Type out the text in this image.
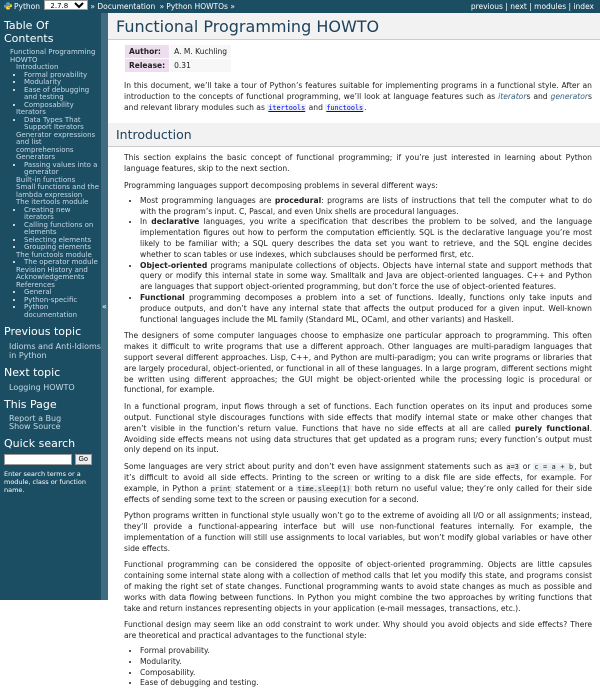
Python
2.7.8	» Documentation » Python HOWTOs »	previous | next | modules | index
Table Of Contents
Functional Programming HOWTO
Introduction
• Formal provability
• Modularity
• Ease of debugging and testing
• Composability
Iterators
• Data Types That Support Iterators
Generator expressions and list comprehensions
Generators
• Passing values into a generator
Built-in functions
Small functions and the lambda expression
The itertools module
• Creating new iterators
• Calling functions on elements
• Selecting elements
• Grouping elements
The functools module
• The operator module
Revision History and Acknowledgements
References
• General
• Python-specific
• Python documentation
Previous topic
Idioms and Anti-Idioms in Python
Next topic
Logging HOWTO
This Page
Report a Bug
Show Source
Quick search
Go
Enter search terms or a module, class or function name.
«
Functional Programming HOWTO
Author:	A. M. Kuchling
Release:	0.31

In this document, we’ll take a tour of Python’s features suitable for implementing programs in a functional style. After an introduction to the concepts of functional programming, we’ll look at language features such as iterators and generators and relevant library modules such as itertools and functools.

Introduction

This section explains the basic concept of functional programming; if you’re just interested in learning about Python language features, skip to the next section.

Programming languages support decomposing problems in several different ways:

• Most programming languages are procedural: programs are lists of instructions that tell the computer what to do with the program’s input. C, Pascal, and even Unix shells are procedural languages.
• In declarative languages, you write a specification that describes the problem to be solved, and the language implementation figures out how to perform the computation efficiently. SQL is the declarative language you’re most likely to be familiar with; a SQL query describes the data set you want to retrieve, and the SQL engine decides whether to scan tables or use indexes, which subclauses should be performed first, etc.
• Object-oriented programs manipulate collections of objects. Objects have internal state and support methods that query or modify this internal state in some way. Smalltalk and Java are object-oriented languages. C++ and Python are languages that support object-oriented programming, but don’t force the use of object-oriented features.
• Functional programming decomposes a problem into a set of functions. Ideally, functions only take inputs and produce outputs, and don’t have any internal state that affects the output produced for a given input. Well-known functional languages include the ML family (Standard ML, OCaml, and other variants) and Haskell.

The designers of some computer languages choose to emphasize one particular approach to programming. This often makes it difficult to write programs that use a different approach. Other languages are multi-paradigm languages that support several different approaches. Lisp, C++, and Python are multi-paradigm; you can write programs or libraries that are largely procedural, object-oriented, or functional in all of these languages. In a large program, different sections might be written using different approaches; the GUI might be object-oriented while the processing logic is procedural or functional, for example.

In a functional program, input flows through a set of functions. Each function operates on its input and produces some output. Functional style discourages functions with side effects that modify internal state or make other changes that aren’t visible in the function’s return value. Functions that have no side effects at all are called purely functional. Avoiding side effects means not using data structures that get updated as a program runs; every function’s output must only depend on its input.

Some languages are very strict about purity and don’t even have assignment statements such as a=3 or c = a + b, but it’s difficult to avoid all side effects. Printing to the screen or writing to a disk file are side effects, for example. For example, in Python a print statement or a time.sleep(1) both return no useful value; they’re only called for their side effects of sending some text to the screen or pausing execution for a second.

Python programs written in functional style usually won’t go to the extreme of avoiding all I/O or all assignments; instead, they’ll provide a functional-appearing interface but will use non-functional features internally. For example, the implementation of a function will still use assignments to local variables, but won’t modify global variables or have other side effects.

Functional programming can be considered the opposite of object-oriented programming. Objects are little capsules containing some internal state along with a collection of method calls that let you modify this state, and programs consist of making the right set of state changes. Functional programming wants to avoid state changes as much as possible and works with data flowing between functions. In Python you might combine the two approaches by writing functions that take and return instances representing objects in your application (e-mail messages, transactions, etc.).

Functional design may seem like an odd constraint to work under. Why should you avoid objects and side effects? There are theoretical and practical advantages to the functional style:

• Formal provability.
• Modularity.
• Composability.
• Ease of debugging and testing.
